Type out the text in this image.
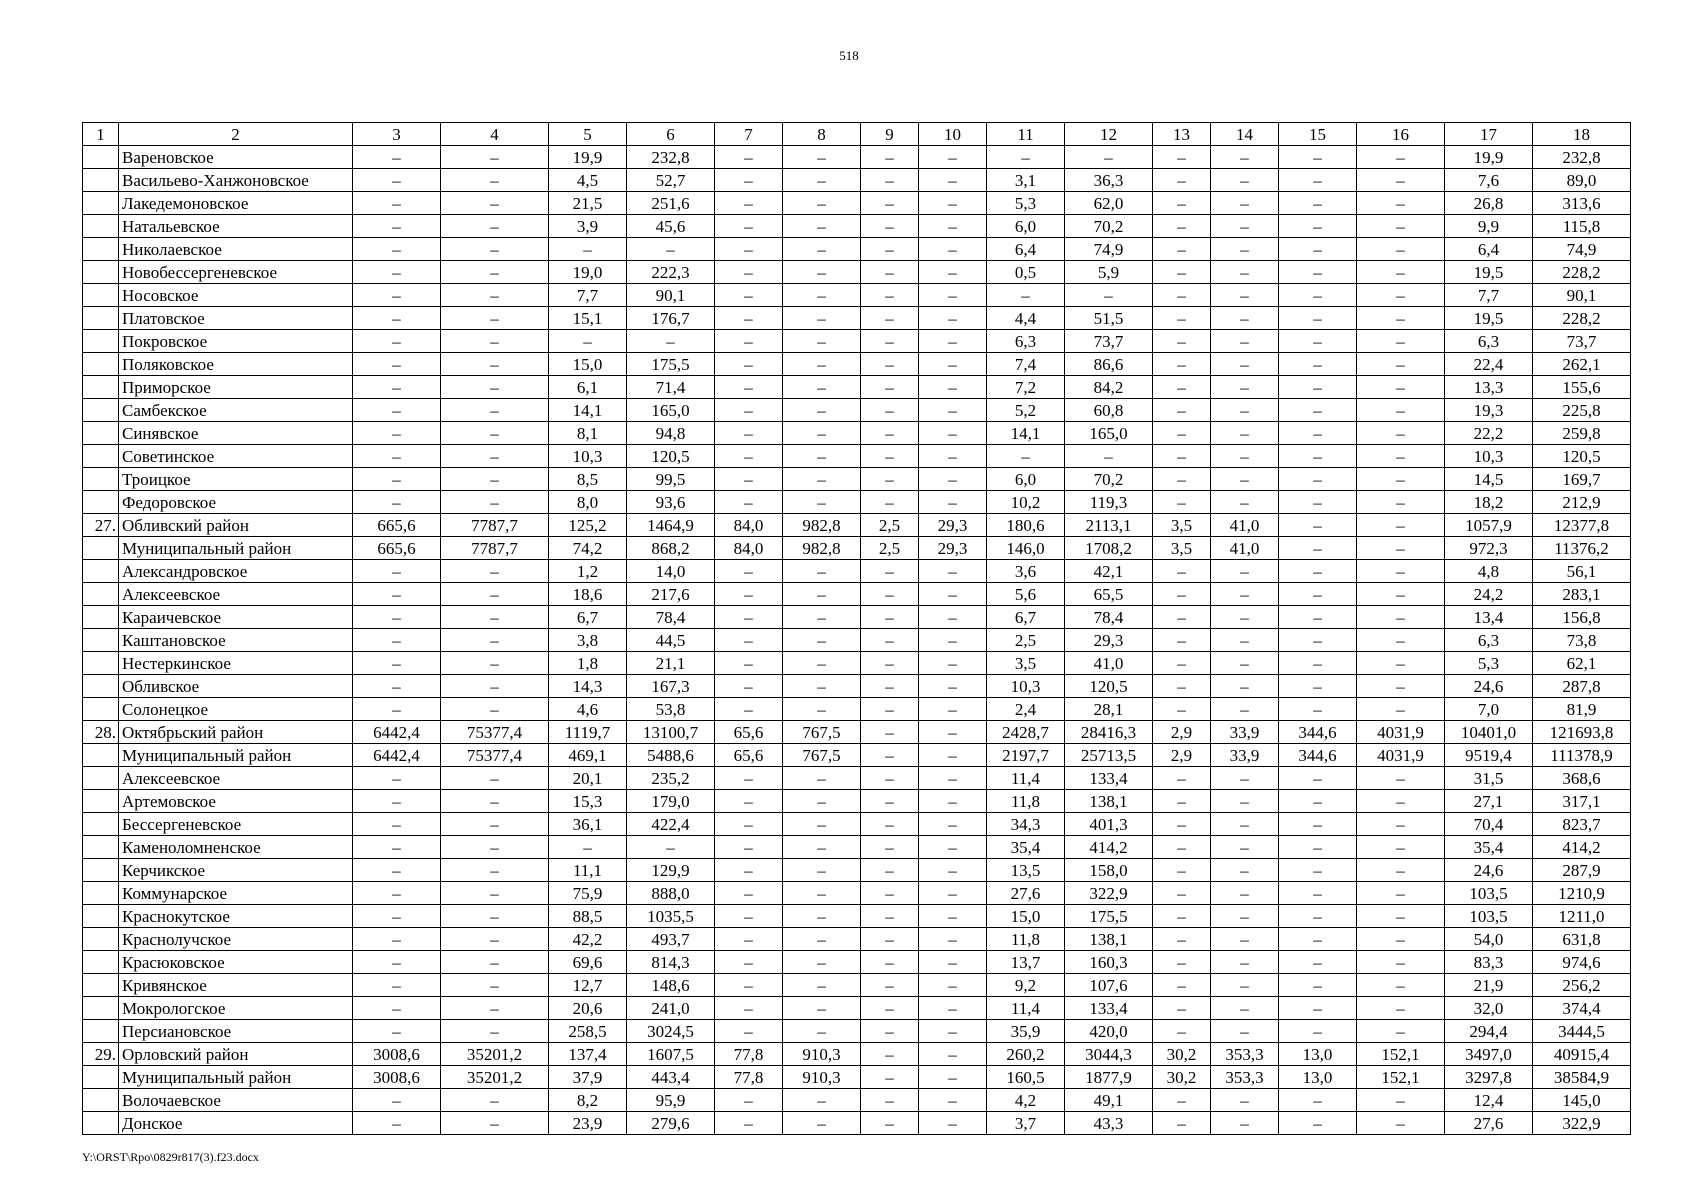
518
1	2	3	4	5	6	7	8	9	10	11	12	13	14	15	16	17	18
	Вареновское	–	–	19,9	232,8	–	–	–	–	–	–	–	–	–	–	19,9	232,8
	Васильево-Ханжоновское	–	–	4,5	52,7	–	–	–	–	3,1	36,3	–	–	–	–	7,6	89,0
	Лакедемоновское	–	–	21,5	251,6	–	–	–	–	5,3	62,0	–	–	–	–	26,8	313,6
	Натальевское	–	–	3,9	45,6	–	–	–	–	6,0	70,2	–	–	–	–	9,9	115,8
	Николаевское	–	–	–	–	–	–	–	–	6,4	74,9	–	–	–	–	6,4	74,9
	Новобессергеневское	–	–	19,0	222,3	–	–	–	–	0,5	5,9	–	–	–	–	19,5	228,2
	Носовское	–	–	7,7	90,1	–	–	–	–	–	–	–	–	–	–	7,7	90,1
	Платовское	–	–	15,1	176,7	–	–	–	–	4,4	51,5	–	–	–	–	19,5	228,2
	Покровское	–	–	–	–	–	–	–	–	6,3	73,7	–	–	–	–	6,3	73,7
	Поляковское	–	–	15,0	175,5	–	–	–	–	7,4	86,6	–	–	–	–	22,4	262,1
	Приморское	–	–	6,1	71,4	–	–	–	–	7,2	84,2	–	–	–	–	13,3	155,6
	Самбекское	–	–	14,1	165,0	–	–	–	–	5,2	60,8	–	–	–	–	19,3	225,8
	Синявское	–	–	8,1	94,8	–	–	–	–	14,1	165,0	–	–	–	–	22,2	259,8
	Советинское	–	–	10,3	120,5	–	–	–	–	–	–	–	–	–	–	10,3	120,5
	Троицкое	–	–	8,5	99,5	–	–	–	–	6,0	70,2	–	–	–	–	14,5	169,7
	Федоровское	–	–	8,0	93,6	–	–	–	–	10,2	119,3	–	–	–	–	18,2	212,9
27.	Обливский район	665,6	7787,7	125,2	1464,9	84,0	982,8	2,5	29,3	180,6	2113,1	3,5	41,0	–	–	1057,9	12377,8
	Муниципальный район	665,6	7787,7	74,2	868,2	84,0	982,8	2,5	29,3	146,0	1708,2	3,5	41,0	–	–	972,3	11376,2
	Александровское	–	–	1,2	14,0	–	–	–	–	3,6	42,1	–	–	–	–	4,8	56,1
	Алексеевское	–	–	18,6	217,6	–	–	–	–	5,6	65,5	–	–	–	–	24,2	283,1
	Караичевское	–	–	6,7	78,4	–	–	–	–	6,7	78,4	–	–	–	–	13,4	156,8
	Каштановское	–	–	3,8	44,5	–	–	–	–	2,5	29,3	–	–	–	–	6,3	73,8
	Нестеркинское	–	–	1,8	21,1	–	–	–	–	3,5	41,0	–	–	–	–	5,3	62,1
	Обливское	–	–	14,3	167,3	–	–	–	–	10,3	120,5	–	–	–	–	24,6	287,8
	Солонецкое	–	–	4,6	53,8	–	–	–	–	2,4	28,1	–	–	–	–	7,0	81,9
28.	Октябрьский район	6442,4	75377,4	1119,7	13100,7	65,6	767,5	–	–	2428,7	28416,3	2,9	33,9	344,6	4031,9	10401,0	121693,8
	Муниципальный район	6442,4	75377,4	469,1	5488,6	65,6	767,5	–	–	2197,7	25713,5	2,9	33,9	344,6	4031,9	9519,4	111378,9
	Алексеевское	–	–	20,1	235,2	–	–	–	–	11,4	133,4	–	–	–	–	31,5	368,6
	Артемовское	–	–	15,3	179,0	–	–	–	–	11,8	138,1	–	–	–	–	27,1	317,1
	Бессергеневское	–	–	36,1	422,4	–	–	–	–	34,3	401,3	–	–	–	–	70,4	823,7
	Каменоломненское	–	–	–	–	–	–	–	–	35,4	414,2	–	–	–	–	35,4	414,2
	Керчикское	–	–	11,1	129,9	–	–	–	–	13,5	158,0	–	–	–	–	24,6	287,9
	Коммунарское	–	–	75,9	888,0	–	–	–	–	27,6	322,9	–	–	–	–	103,5	1210,9
	Краснокутское	–	–	88,5	1035,5	–	–	–	–	15,0	175,5	–	–	–	–	103,5	1211,0
	Краснолучское	–	–	42,2	493,7	–	–	–	–	11,8	138,1	–	–	–	–	54,0	631,8
	Красюковское	–	–	69,6	814,3	–	–	–	–	13,7	160,3	–	–	–	–	83,3	974,6
	Кривянское	–	–	12,7	148,6	–	–	–	–	9,2	107,6	–	–	–	–	21,9	256,2
	Мокрологское	–	–	20,6	241,0	–	–	–	–	11,4	133,4	–	–	–	–	32,0	374,4
	Персиановское	–	–	258,5	3024,5	–	–	–	–	35,9	420,0	–	–	–	–	294,4	3444,5
29.	Орловский район	3008,6	35201,2	137,4	1607,5	77,8	910,3	–	–	260,2	3044,3	30,2	353,3	13,0	152,1	3497,0	40915,4
	Муниципальный район	3008,6	35201,2	37,9	443,4	77,8	910,3	–	–	160,5	1877,9	30,2	353,3	13,0	152,1	3297,8	38584,9
	Волочаевское	–	–	8,2	95,9	–	–	–	–	4,2	49,1	–	–	–	–	12,4	145,0
	Донское	–	–	23,9	279,6	–	–	–	–	3,7	43,3	–	–	–	–	27,6	322,9
Y:\ORST\Rpo\0829r817(3).f23.docx
